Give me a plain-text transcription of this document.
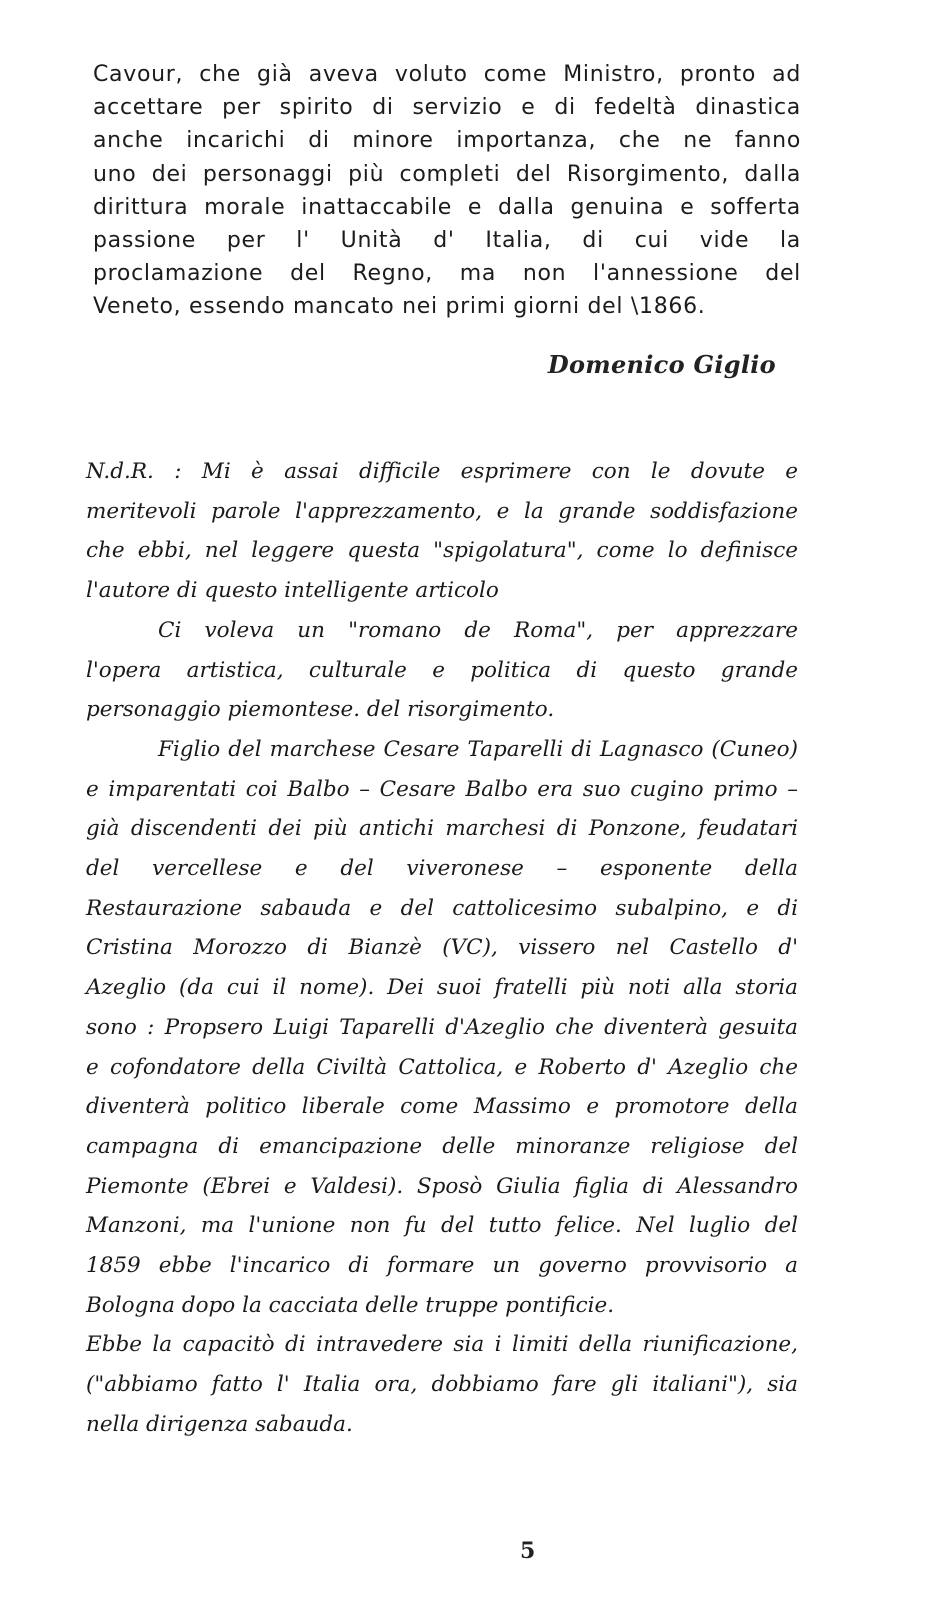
Cavour, che già aveva voluto come Ministro, pronto ad
accettare per spirito di servizio e di fedeltà dinastica
anche incarichi di minore importanza, che ne fanno
uno dei personaggi più completi del Risorgimento, dalla
dirittura morale inattaccabile e dalla genuina e sofferta
passione per l' Unità d' Italia, di cui vide la
proclamazione del Regno, ma non l'annessione del
Veneto, essendo mancato nei primi giorni del \1866.
Domenico Giglio
N.d.R. : Mi è assai difficile esprimere con le dovute e
meritevoli parole l'apprezzamento, e la grande soddisfazione
che ebbi, nel leggere questa "spigolatura", come lo definisce
l'autore di questo intelligente articolo
Ci voleva un "romano de Roma", per apprezzare
l'opera artistica, culturale e politica di questo grande
personaggio piemontese. del risorgimento.
Figlio del marchese Cesare Taparelli di Lagnasco (Cuneo)
e imparentati coi Balbo – Cesare Balbo era suo cugino primo –
già discendenti dei più antichi marchesi di Ponzone, feudatari
del vercellese e del viveronese – esponente della
Restaurazione sabauda e del cattolicesimo subalpino, e di
Cristina Morozzo di Bianzè (VC), vissero nel Castello d'
Azeglio (da cui il nome). Dei suoi fratelli più noti alla storia
sono : Propsero Luigi Taparelli d'Azeglio che diventerà gesuita
e cofondatore della Civiltà Cattolica, e Roberto d' Azeglio che
diventerà politico liberale come Massimo e promotore della
campagna di emancipazione delle minoranze religiose del
Piemonte (Ebrei e Valdesi). Sposò Giulia figlia di Alessandro
Manzoni, ma l'unione non fu del tutto felice. Nel luglio del
1859 ebbe l'incarico di formare un governo provvisorio a
Bologna dopo la cacciata delle truppe pontificie.
Ebbe la capacitò di intravedere sia i limiti della riunificazione,
("abbiamo fatto l' Italia ora, dobbiamo fare gli italiani"), sia
nella dirigenza sabauda.
5
